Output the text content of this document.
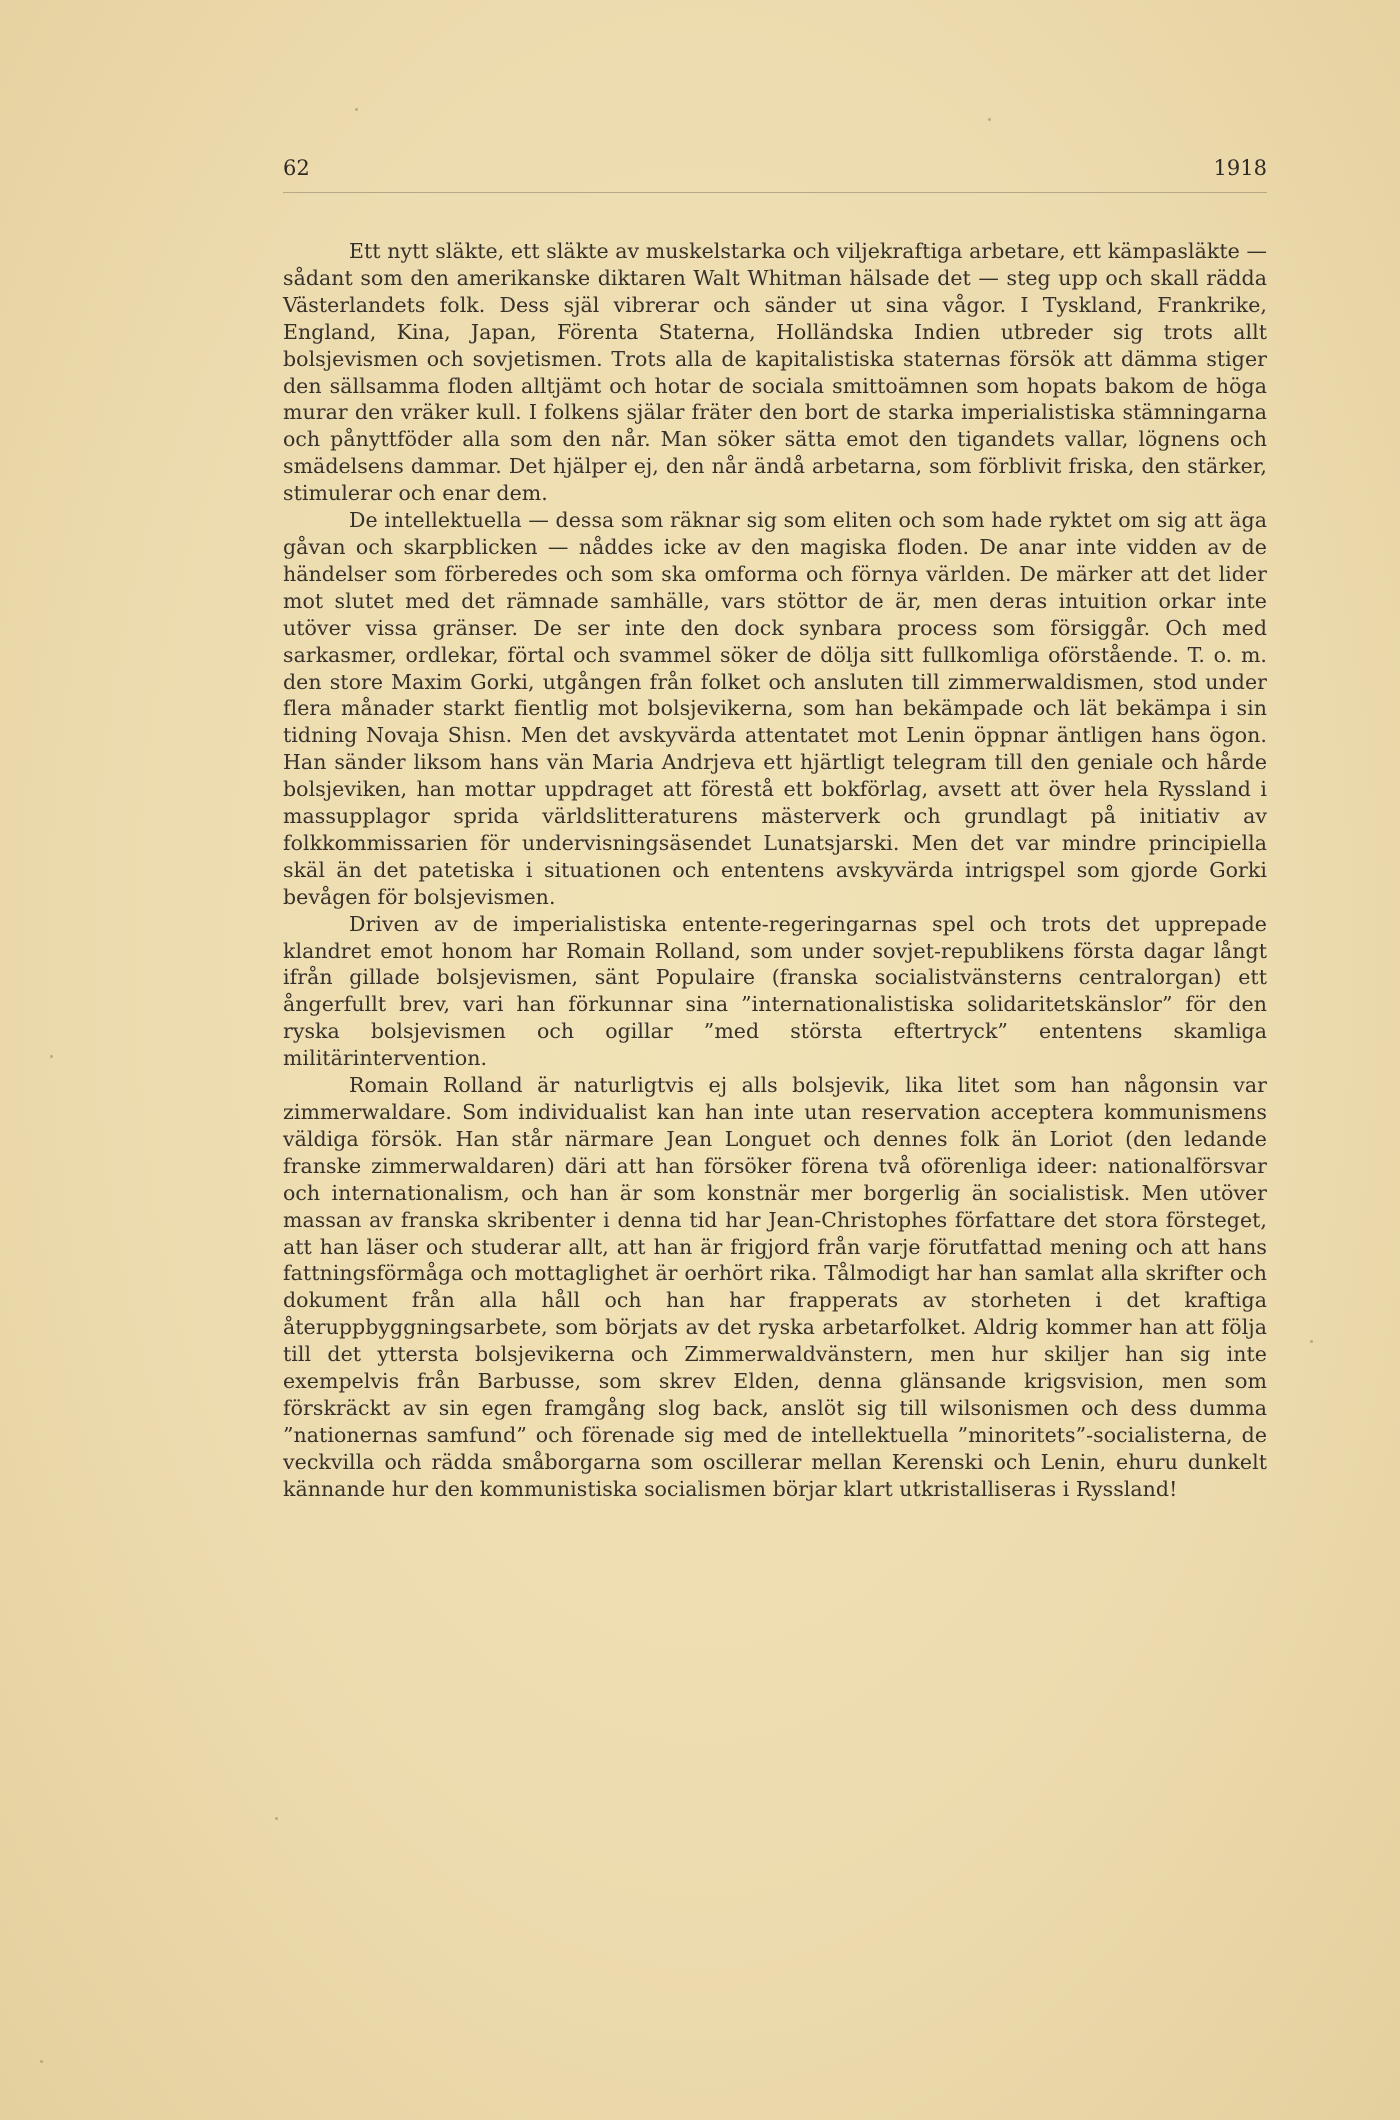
62	1918

Ett nytt släkte, ett släkte av muskelstarka och viljekraftiga arbetare, ett kämpasläkte — sådant som den amerikanske diktaren Walt Whitman hälsade det — steg upp och skall rädda Västerlandets folk. Dess själ vibrerar och sänder ut sina vågor. I Tyskland, Frankrike, England, Kina, Japan, Förenta Staterna, Holländska Indien utbreder sig trots allt bolsjevismen och sovjetismen. Trots alla de kapitalistiska staternas försök att dämma stiger den sällsamma floden alltjämt och hotar de sociala smittoämnen som hopats bakom de höga murar den vräker kull. I folkens själar fräter den bort de starka imperialistiska stämningarna och pånyttföder alla som den når. Man söker sätta emot den tigandets vallar, lögnens och smädelsens dammar. Det hjälper ej, den når ändå arbetarna, som förblivit friska, den stärker, stimulerar och enar dem.

De intellektuella — dessa som räknar sig som eliten och som hade ryktet om sig att äga gåvan och skarpblicken — nåddes icke av den magiska floden. De anar inte vidden av de händelser som förberedes och som ska omforma och förnya världen. De märker att det lider mot slutet med det rämnade samhälle, vars stöttor de är, men deras intuition orkar inte utöver vissa gränser. De ser inte den dock synbara process som försiggår. Och med sarkasmer, ordlekar, förtal och svammel söker de dölja sitt fullkomliga oförstående. T. o. m. den store Maxim Gorki, utgången från folket och ansluten till zimmerwaldismen, stod under flera månader starkt fientlig mot bolsjevikerna, som han bekämpade och lät bekämpa i sin tidning Novaja Shisn. Men det avskyvärda attentatet mot Lenin öppnar äntligen hans ögon. Han sänder liksom hans vän Maria Andrjeva ett hjärtligt telegram till den geniale och hårde bolsjeviken, han mottar uppdraget att förestå ett bokförlag, avsett att över hela Ryssland i massupplagor sprida världslitteraturens mästerverk och grundlagt på initiativ av folkkommissarien för undervisningsäsendet Lunatsjarski. Men det var mindre principiella skäl än det patetiska i situationen och ententens avskyvärda intrigspel som gjorde Gorki bevågen för bolsjevismen.

Driven av de imperialistiska entente-regeringarnas spel och trots det upprepade klandret emot honom har Romain Rolland, som under sovjet-republikens första dagar långt ifrån gillade bolsjevismen, sänt Populaire (franska socialistvänsterns centralorgan) ett ångerfullt brev, vari han förkunnar sina ”internationalistiska solidaritetskänslor” för den ryska bolsjevismen och ogillar ”med största eftertryck” ententens skamliga militärintervention.

Romain Rolland är naturligtvis ej alls bolsjevik, lika litet som han någonsin var zimmerwaldare. Som individualist kan han inte utan reservation acceptera kommunismens väldiga försök. Han står närmare Jean Longuet och dennes folk än Loriot (den ledande franske zimmerwaldaren) däri att han försöker förena två oförenliga ideer: nationalförsvar och internationalism, och han är som konstnär mer borgerlig än socialistisk. Men utöver massan av franska skribenter i denna tid har Jean-Christophes författare det stora försteget, att han läser och studerar allt, att han är frigjord från varje förutfattad mening och att hans fattningsförmåga och mottaglighet är oerhört rika. Tålmodigt har han samlat alla skrifter och dokument från alla håll och han har frapperats av storheten i det kraftiga återuppbyggningsarbete, som börjats av det ryska arbetarfolket. Aldrig kommer han att följa till det yttersta bolsjevikerna och Zimmerwaldvänstern, men hur skiljer han sig inte exempelvis från Barbusse, som skrev Elden, denna glänsande krigsvision, men som förskräckt av sin egen framgång slog back, anslöt sig till wilsonismen och dess dumma ”nationernas samfund” och förenade sig med de intellektuella ”minoritets”-socialisterna, de veckvilla och rädda småborgarna som oscillerar mellan Kerenski och Lenin, ehuru dunkelt kännande hur den kommunistiska socialismen börjar klart utkristalliseras i Ryssland!
